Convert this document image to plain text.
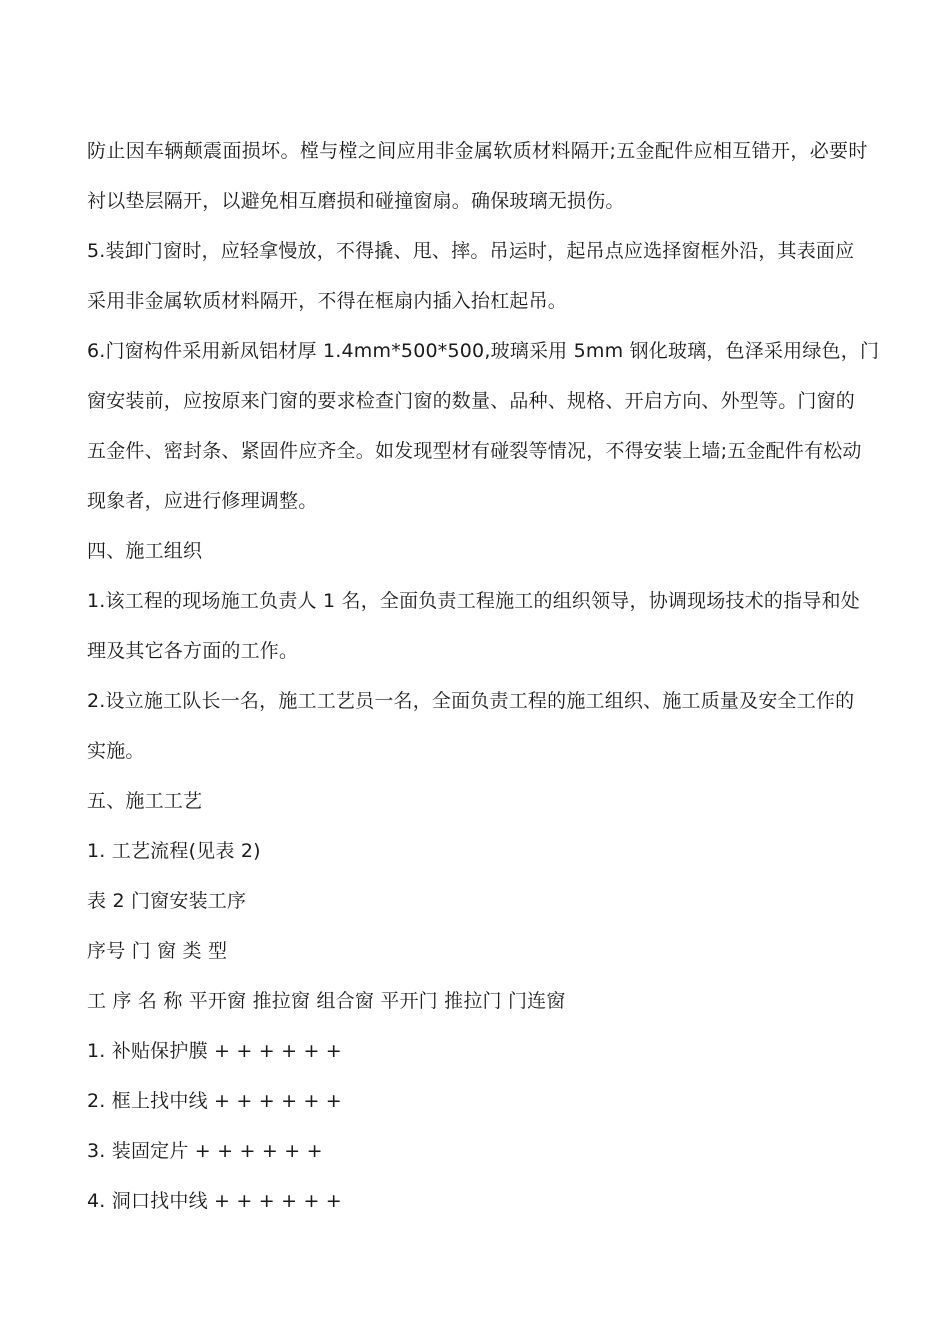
防止因车辆颠震面损坏。樘与樘之间应用非金属软质材料隔开;五金配件应相互错开，必要时
衬以垫层隔开，以避免相互磨损和碰撞窗扇。确保玻璃无损伤。
5.装卸门窗时，应轻拿慢放，不得撬、甩、摔。吊运时，起吊点应选择窗框外沿，其表面应
采用非金属软质材料隔开，不得在框扇内插入抬杠起吊。
6.门窗构件采用新凤铝材厚 1.4mm*500*500,玻璃采用 5mm 钢化玻璃，色泽采用绿色，门
窗安装前，应按原来门窗的要求检查门窗的数量、品种、规格、开启方向、外型等。门窗的
五金件、密封条、紧固件应齐全。如发现型材有碰裂等情况，不得安装上墙;五金配件有松动
现象者，应进行修理调整。
四、施工组织
1.该工程的现场施工负责人 1 名，全面负责工程施工的组织领导，协调现场技术的指导和处
理及其它各方面的工作。
2.设立施工队长一名，施工工艺员一名，全面负责工程的施工组织、施工质量及安全工作的
实施。
五、施工工艺
1. 工艺流程(见表 2)
表 2 门窗安装工序
序号 门 窗 类 型
工 序 名 称 平开窗 推拉窗 组合窗 平开门 推拉门 门连窗
1. 补贴保护膜 + + + + + +
2. 框上找中线 + + + + + +
3. 装固定片 + + + + + +
4. 洞口找中线 + + + + + +
